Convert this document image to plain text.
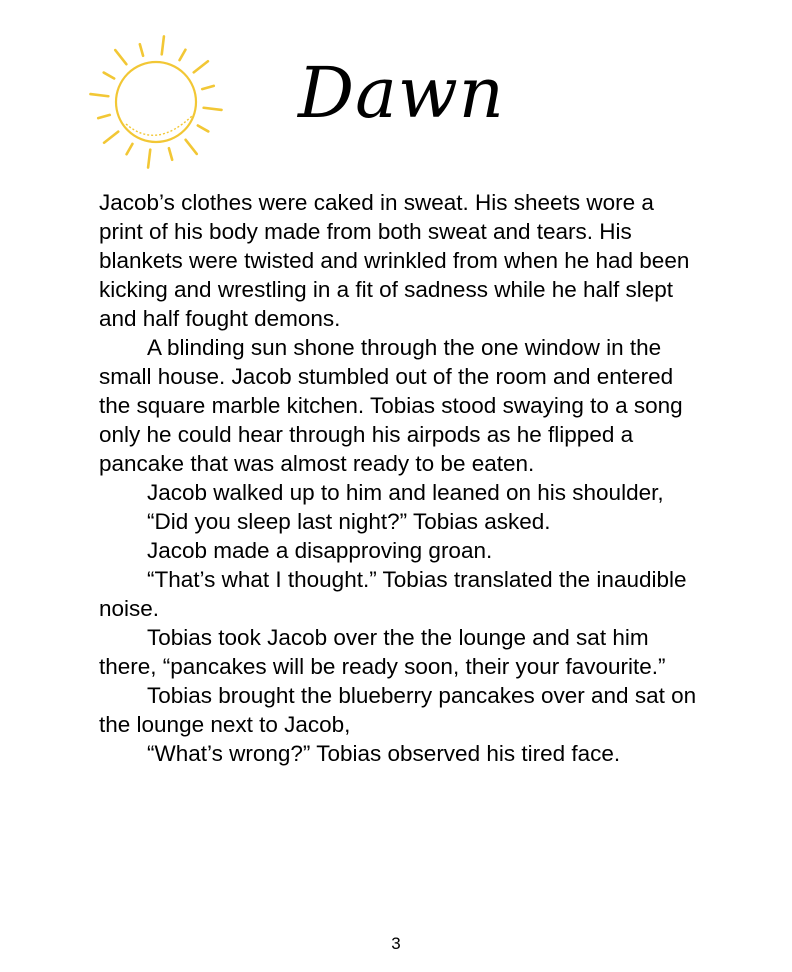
Dawn

Jacob’s clothes were caked in sweat. His sheets wore a print of his body made from both sweat and tears. His blankets were twisted and wrinkled from when he had been kicking and wrestling in a fit of sadness while he half slept and half fought demons.

A blinding sun shone through the one window in the small house. Jacob stumbled out of the room and entered the square marble kitchen. Tobias stood swaying to a song only he could hear through his airpods as he flipped a pancake that was almost ready to be eaten.

Jacob walked up to him and leaned on his shoulder,

“Did you sleep last night?” Tobias asked.

Jacob made a disapproving groan.

“That’s what I thought.” Tobias translated the inaudible noise.

Tobias took Jacob over the the lounge and sat him there, “pancakes will be ready soon, their your favourite.”

Tobias brought the blueberry pancakes over and sat on the lounge next to Jacob,

“What’s wrong?” Tobias observed his tired face.

3
